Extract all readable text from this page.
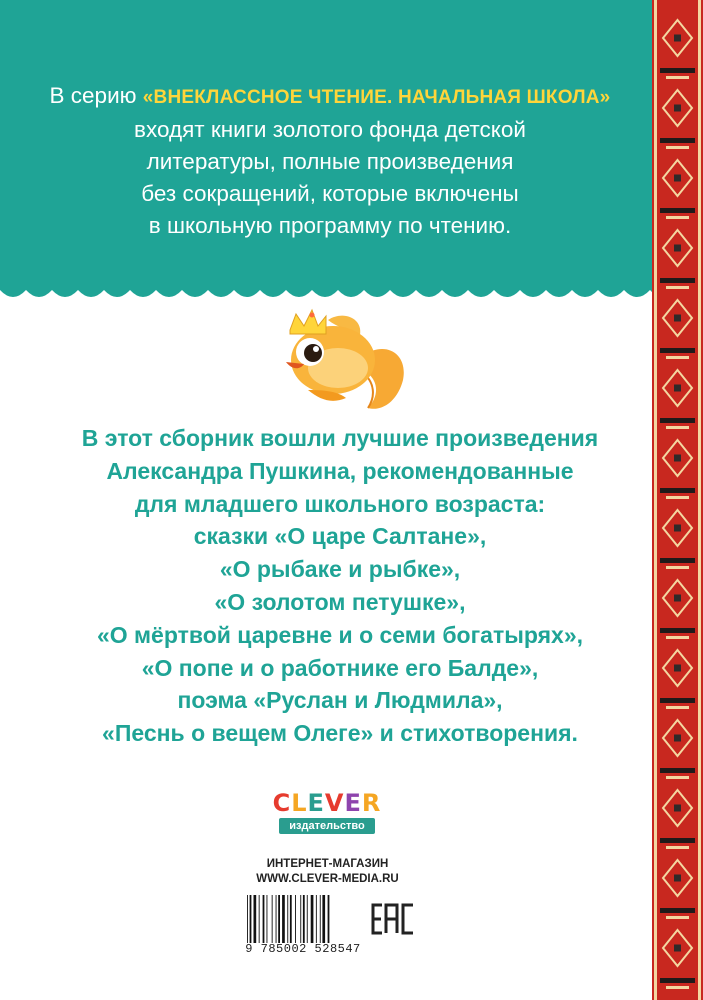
В серию «ВНЕКЛАССНОЕ ЧТЕНИЕ. НАЧАЛЬНАЯ ШКОЛА»
входят книги золотого фонда детской
литературы, полные произведения
без сокращений, которые включены
в школьную программу по чтению.
В этот сборник вошли лучшие произведения
Александра Пушкина, рекомендованные
для младшего школьного возраста:
сказки «О царе Салтане»,
«О рыбаке и рыбке»,
«О золотом петушке»,
«О мёртвой царевне и о семи богатырях»,
«О попе и о работнике его Балде»,
поэма «Руслан и Людмила»,
«Песнь о вещем Олеге» и стихотворения.
CLEVER
издательство
ИНТЕРНЕТ-МАГАЗИН
WWW.CLEVER-MEDIA.RU
9 785002 528547
